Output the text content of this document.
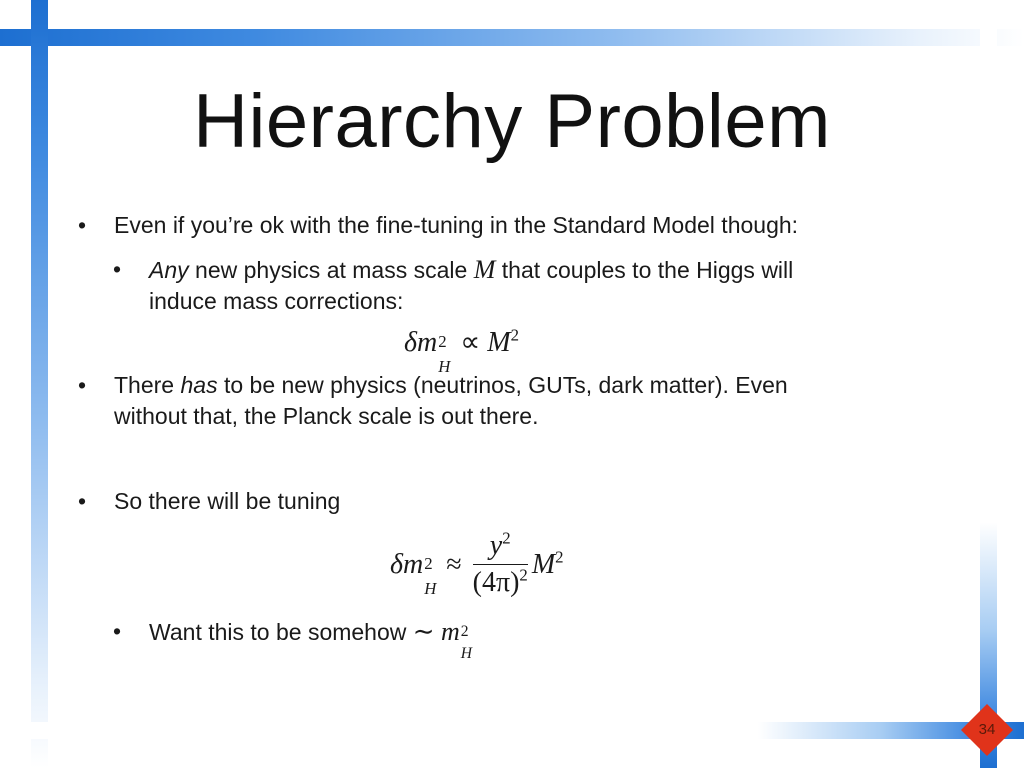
34
Hierarchy Problem
• Even if you’re ok with the fine-tuning in the Standard Model though:
• Any new physics at mass scale M that couples to the Higgs will
induce mass corrections:
δm 2
H
∝ $M^2$
• There has to be new physics (neutrinos, GUTs, dark matter). Even
without that, the Planck scale is out there.
• So there will be tuning
δm 2
H
≈ $\frac{y^2}{(4\pi)^2} M^2$
• Want this to be somehow ∼ m 2
H
